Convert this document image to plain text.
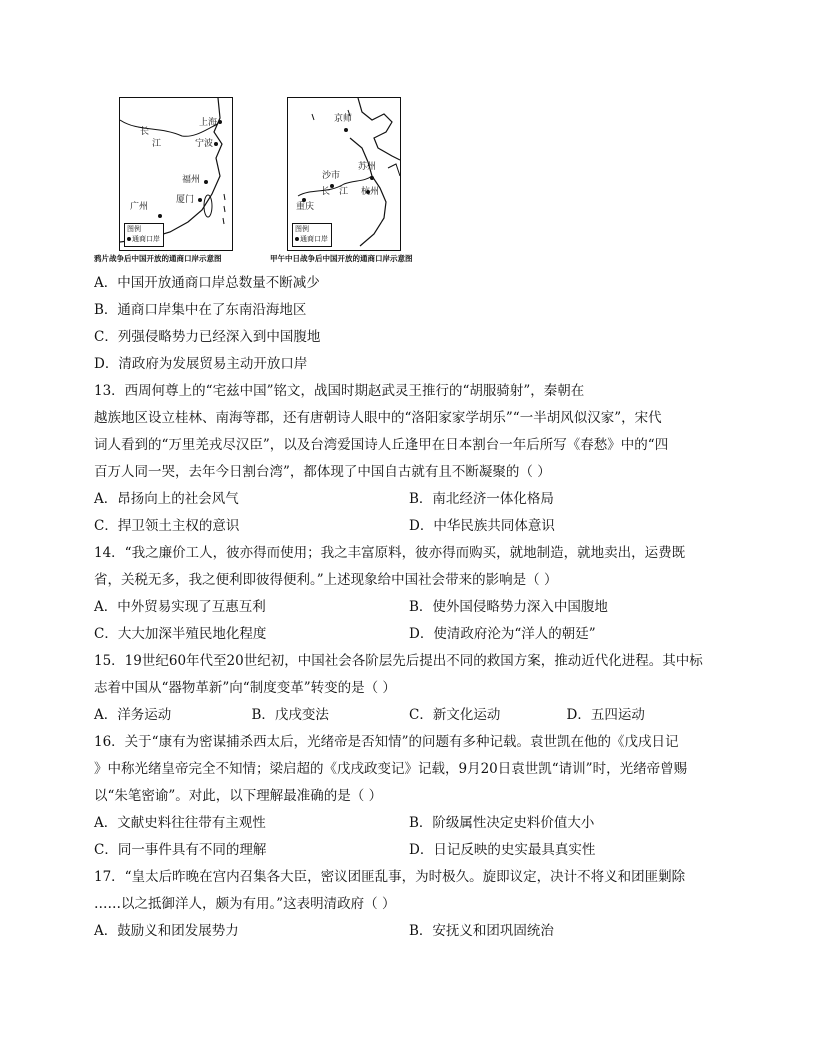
上海
长
江	宁波
福州
厦门
广州
图例
通商口岸
鸦片战争后中国开放的通商口岸示意图
京师
苏州
沙市
长 江 杭州
重庆
图例
通商口岸
甲午中日战争后中国开放的通商口岸示意图
A．中国开放通商口岸总数量不断减少
B．通商口岸集中在了东南沿海地区
C．列强侵略势力已经深入到中国腹地
D．清政府为发展贸易主动开放口岸
13．西周何尊上的“宅兹中国”铭文，战国时期赵武灵王推行的“胡服骑射”，秦朝在
越族地区设立桂林、南海等郡，还有唐朝诗人眼中的“洛阳家家学胡乐”“一半胡风似汉家”，宋代
词人看到的“万里羌戎尽汉臣”，以及台湾爱国诗人丘逢甲在日本割台一年后所写《春愁》中的“四
百万人同一哭，去年今日割台湾”，都体现了中国自古就有且不断凝聚的（ ）
A．昂扬向上的社会风气	B．南北经济一体化格局
C．捍卫领土主权的意识	D．中华民族共同体意识
14．“我之廉价工人，彼亦得而使用；我之丰富原料，彼亦得而购买，就地制造，就地卖出，运费既
省，关税无多，我之便利即彼得便利。”上述现象给中国社会带来的影响是（ ）
A．中外贸易实现了互惠互利	B．使外国侵略势力深入中国腹地
C．大大加深半殖民地化程度	D．使清政府沦为“洋人的朝廷”
15．19世纪60年代至20世纪初，中国社会各阶层先后提出不同的救国方案，推动近代化进程。其中标
志着中国从“器物革新”向“制度变革”转变的是（ ）
A．洋务运动	B．戊戌变法	C．新文化运动	D．五四运动
16．关于“康有为密谋捕杀西太后，光绪帝是否知情”的问题有多种记载。袁世凯在他的《戊戌日记
》中称光绪皇帝完全不知情；梁启超的《戊戌政变记》记载，9月20日袁世凯“请训”时，光绪帝曾赐
以“朱笔密谕”。对此，以下理解最准确的是（ ）
A．文献史料往往带有主观性	B．阶级属性决定史料价值大小
C．同一事件具有不同的理解	D．日记反映的史实最具真实性
17．“皇太后昨晚在宫内召集各大臣，密议团匪乱事，为时极久。旋即议定，决计不将义和团匪剿除
……以之抵御洋人，颇为有用。”这表明清政府（ ）
A．鼓励义和团发展势力	B．安抚义和团巩固统治
